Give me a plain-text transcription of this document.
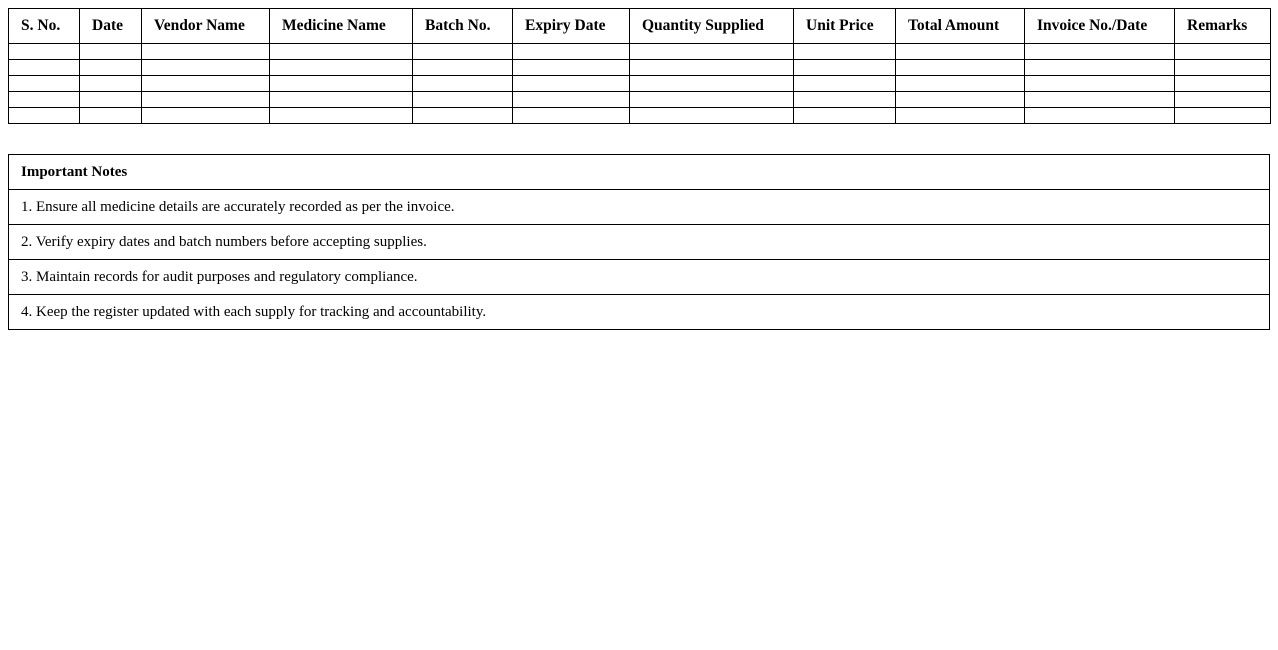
S. No.	Date	Vendor Name	Medicine Name	Batch No.	Expiry Date	Quantity Supplied	Unit Price	Total Amount	Invoice No./Date	Remarks

Important Notes
1. Ensure all medicine details are accurately recorded as per the invoice.
2. Verify expiry dates and batch numbers before accepting supplies.
3. Maintain records for audit purposes and regulatory compliance.
4. Keep the register updated with each supply for tracking and accountability.
